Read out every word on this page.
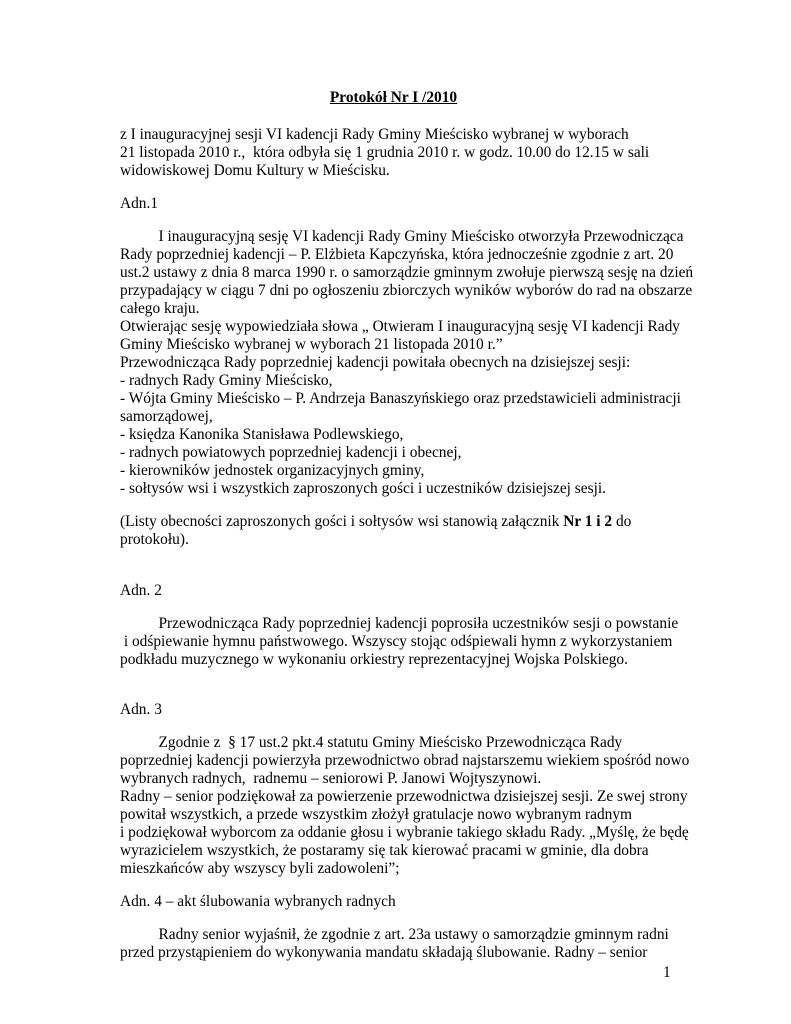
Protokół Nr I /2010
z I inauguracyjnej sesji VI kadencji Rady Gminy Mieścisko wybranej w wyborach
21 listopada 2010 r.,  która odbyła się 1 grudnia 2010 r. w godz. 10.00 do 12.15 w sali
widowiskowej Domu Kultury w Mieścisku.
Adn.1
I inauguracyjną sesję VI kadencji Rady Gminy Mieścisko otworzyła Przewodnicząca
Rady poprzedniej kadencji – P. Elżbieta Kapczyńska, która jednocześnie zgodnie z art. 20
ust.2 ustawy z dnia 8 marca 1990 r. o samorządzie gminnym zwołuje pierwszą sesję na dzień
przypadający w ciągu 7 dni po ogłoszeniu zbiorczych wyników wyborów do rad na obszarze
całego kraju.
Otwierając sesję wypowiedziała słowa „ Otwieram I inauguracyjną sesję VI kadencji Rady
Gminy Mieścisko wybranej w wyborach 21 listopada 2010 r.”
Przewodnicząca Rady poprzedniej kadencji powitała obecnych na dzisiejszej sesji:
- radnych Rady Gminy Mieścisko,
- Wójta Gminy Mieścisko – P. Andrzeja Banaszyńskiego oraz przedstawicieli administracji
samorządowej,
- księdza Kanonika Stanisława Podlewskiego,
- radnych powiatowych poprzedniej kadencji i obecnej,
- kierowników jednostek organizacyjnych gminy,
- sołtysów wsi i wszystkich zaproszonych gości i uczestników dzisiejszej sesji.
(Listy obecności zaproszonych gości i sołtysów wsi stanowią załącznik Nr 1 i 2 do
protokołu).
Adn. 2
Przewodnicząca Rady poprzedniej kadencji poprosiła uczestników sesji o powstanie
i odśpiewanie hymnu państwowego. Wszyscy stojąc odśpiewali hymn z wykorzystaniem
podkładu muzycznego w wykonaniu orkiestry reprezentacyjnej Wojska Polskiego.
Adn. 3
Zgodnie z  § 17 ust.2 pkt.4 statutu Gminy Mieścisko Przewodnicząca Rady
poprzedniej kadencji powierzyła przewodnictwo obrad najstarszemu wiekiem spośród nowo
wybranych radnych,  radnemu – seniorowi P. Janowi Wojtyszynowi.
Radny – senior podziękował za powierzenie przewodnictwa dzisiejszej sesji. Ze swej strony
powitał wszystkich, a przede wszystkim złożył gratulacje nowo wybranym radnym
i podziękował wyborcom za oddanie głosu i wybranie takiego składu Rady. „Myślę, że będę
wyrazicielem wszystkich, że postaramy się tak kierować pracami w gminie, dla dobra
mieszkańców aby wszyscy byli zadowoleni”;
Adn. 4 – akt ślubowania wybranych radnych
Radny senior wyjaśnił, że zgodnie z art. 23a ustawy o samorządzie gminnym radni
przed przystąpieniem do wykonywania mandatu składają ślubowanie. Radny – senior
1
